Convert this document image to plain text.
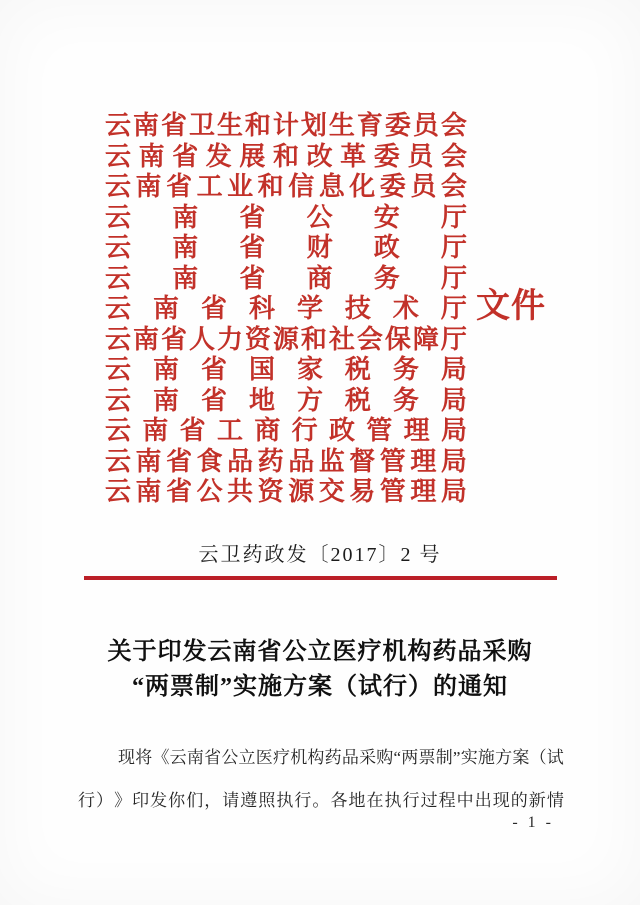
云 南 省 卫 生 和 计 划 生 育 委 员 会
云 南 省 发 展 和 改 革 委 员 会
云 南 省 工 业 和 信 息 化 委 员 会
云 南 省 公 安 厅
云 南 省 财 政 厅
云 南 省 商 务 厅
云 南 省 科 学 技 术 厅
云 南 省 人 力 资 源 和 社 会 保 障 厅
云 南 省 国 家 税 务 局
云 南 省 地 方 税 务 局
云 南 省 工 商 行 政 管 理 局
云 南 省 食 品 药 品 监 督 管 理 局
云 南 省 公 共 资 源 交 易 管 理 局
文件
云卫药政发〔2017〕2 号
关于印发云南省公立医疗机构药品采购
“两票制”实施方案（试行）的通知
现 将 《 云 南 省 公 立 医 疗 机 构 药 品 采 购 “ 两 票 制 ” 实 施 方 案 （ 试
行 ） 》 印 发 你 们 ， 请 遵 照 执 行 。 各 地 在 执 行 过 程 中 出 现 的 新 情
- 1 -
